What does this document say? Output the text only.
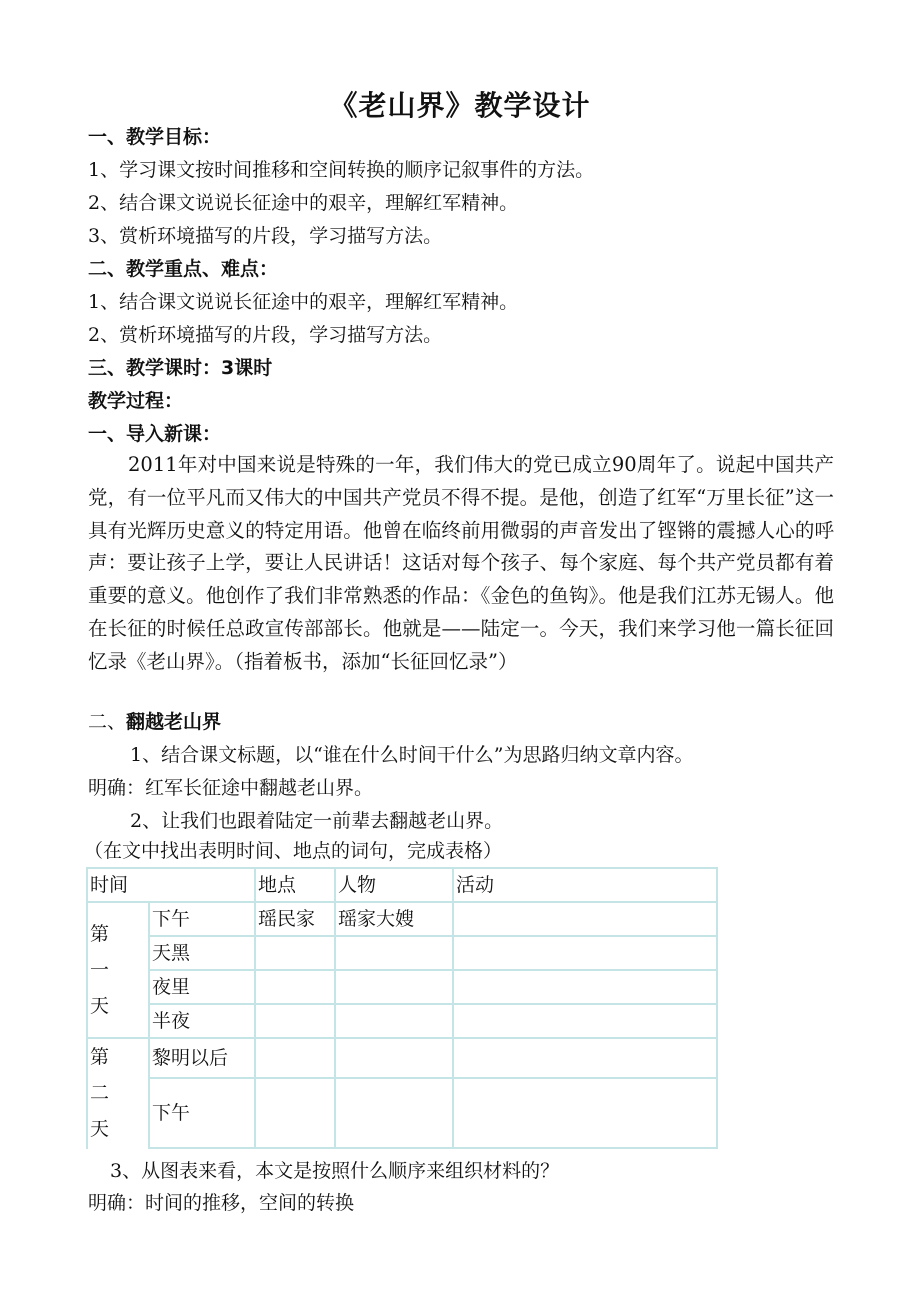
《老山界》教学设计
一、教学目标：
1、学习课文按时间推移和空间转换的顺序记叙事件的方法。
2、结合课文说说长征途中的艰辛，理解红军精神。
3、赏析环境描写的片段，学习描写方法。
二、教学重点、难点：
1、结合课文说说长征途中的艰辛，理解红军精神。
2、赏析环境描写的片段，学习描写方法。
三、教学课时：3课时
教学过程：
一、导入新课：
2011年对中国来说是特殊的一年，我们伟大的党已成立90周年了。说起中国共产党，有一位平凡而又伟大的中国共产党员不得不提。是他，创造了红军“万里长征”这一具有光辉历史意义的特定用语。他曾在临终前用微弱的声音发出了铿锵的震撼人心的呼声：要让孩子上学，要让人民讲话！这话对每个孩子、每个家庭、每个共产党员都有着重要的意义。他创作了我们非常熟悉的作品：《金色的鱼钩》。他是我们江苏无锡人。他在长征的时候任总政宣传部部长。他就是——陆定一。今天，我们来学习他一篇长征回忆录《老山界》。（指着板书，添加“长征回忆录”）
二、翻越老山界
1、结合课文标题，以“谁在什么时间干什么”为思路归纳文章内容。
明确：红军长征途中翻越老山界。
2、让我们也跟着陆定一前辈去翻越老山界。
（在文中找出表明时间、地点的词句，完成表格）
时间		地点	人物	活动

第
一
天	下午	瑶民家	瑶家大嫂	
	天黑			
	夜里			
	半夜			

第
二
天	黎明以后			
	下午			
3、从图表来看，本文是按照什么顺序来组织材料的？
明确：时间的推移，空间的转换
